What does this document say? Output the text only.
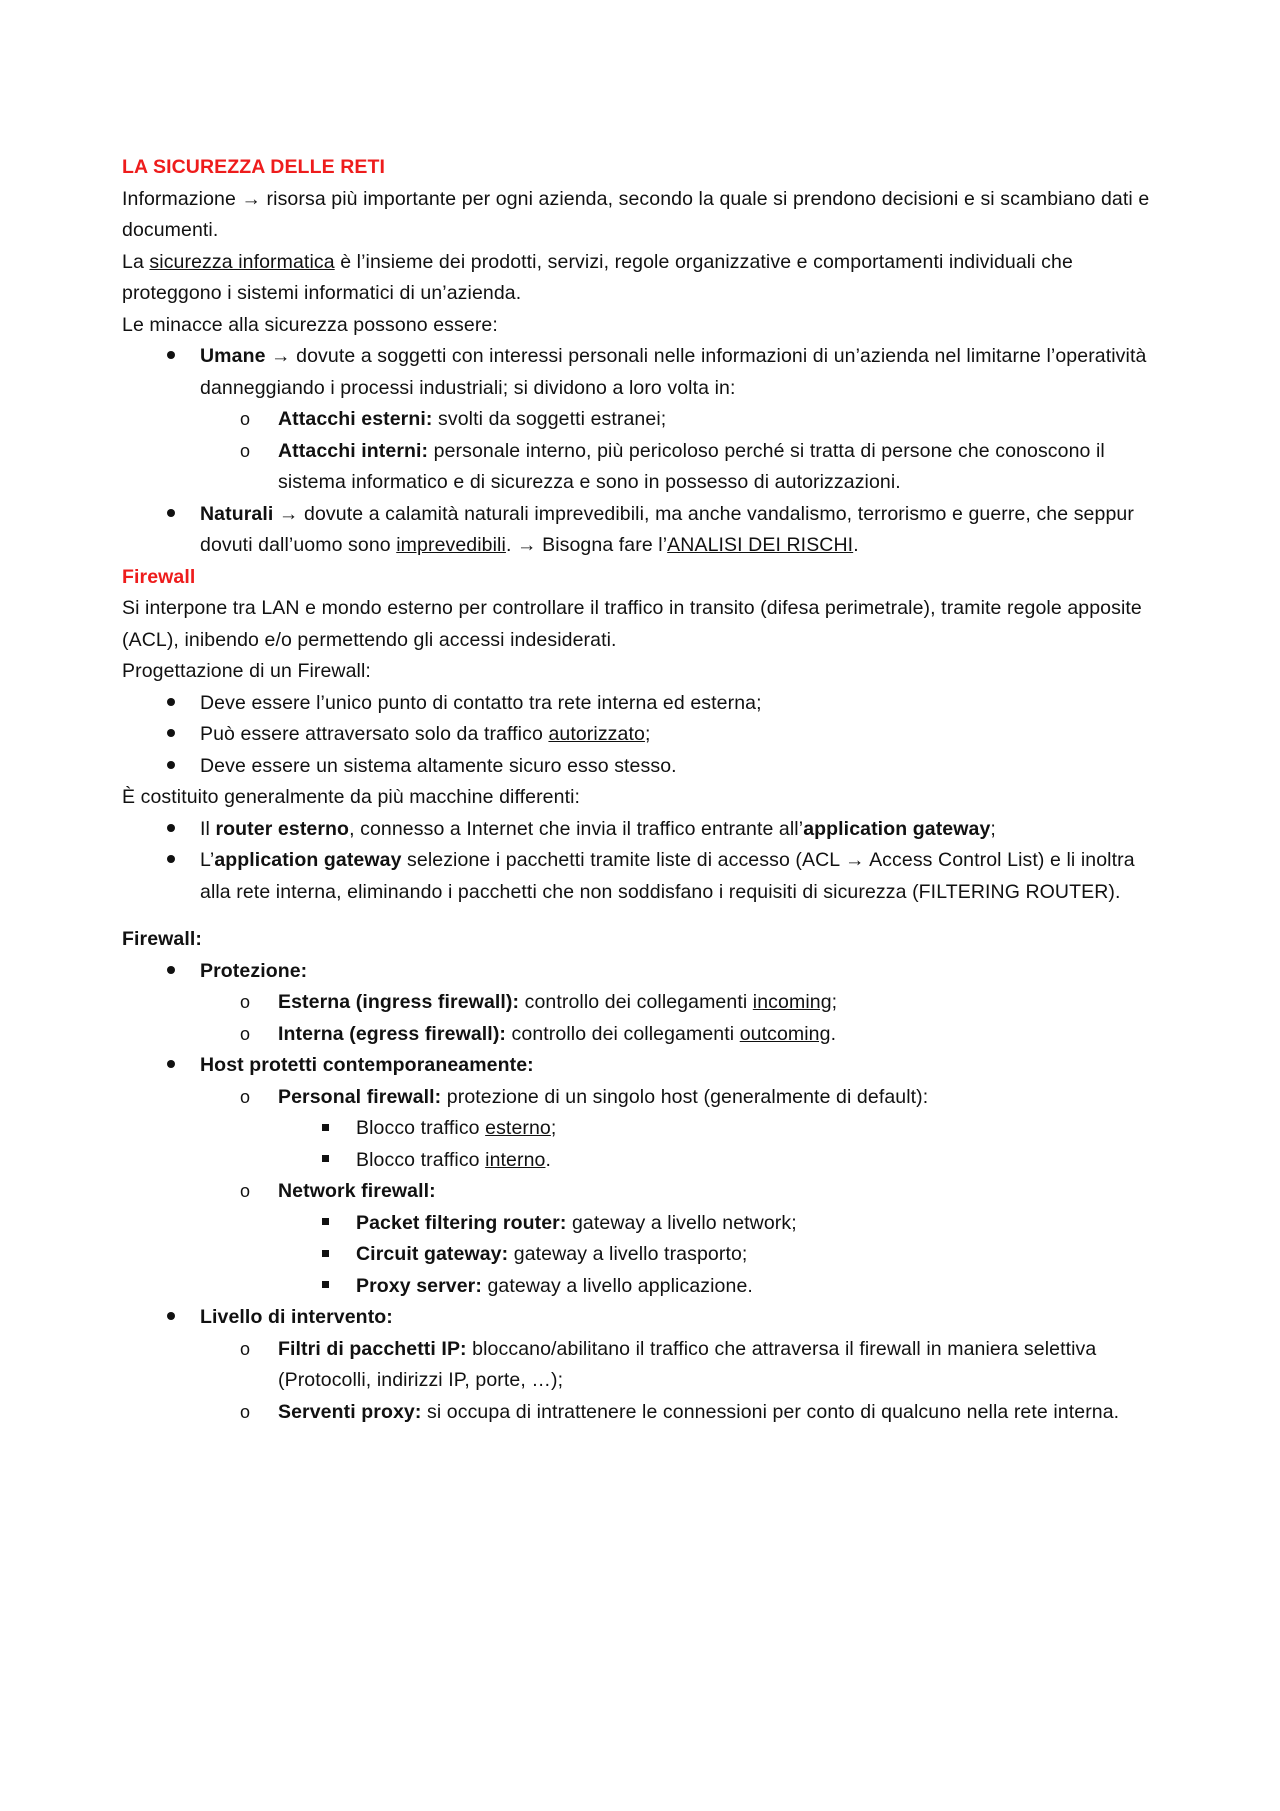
LA SICUREZZA DELLE RETI

Informazione → risorsa più importante per ogni azienda, secondo la quale si prendono decisioni e si scambiano dati e documenti.

La sicurezza informatica è l’insieme dei prodotti, servizi, regole organizzative e comportamenti individuali che proteggono i sistemi informatici di un’azienda.

Le minacce alla sicurezza possono essere:

Umane → dovute a soggetti con interessi personali nelle informazioni di un’azienda nel limitarne l’operatività danneggiando i processi industriali; si dividono a loro volta in:
o Attacchi esterni: svolti da soggetti estranei;
o Attacchi interni: personale interno, più pericoloso perché si tratta di persone che conoscono il sistema informatico e di sicurezza e sono in possesso di autorizzazioni.
Naturali → dovute a calamità naturali imprevedibili, ma anche vandalismo, terrorismo e guerre, che seppur dovuti dall’uomo sono imprevedibili. → Bisogna fare l’ANALISI DEI RISCHI.

Firewall

Si interpone tra LAN e mondo esterno per controllare il traffico in transito (difesa perimetrale), tramite regole apposite (ACL), inibendo e/o permettendo gli accessi indesiderati.

Progettazione di un Firewall:

Deve essere l’unico punto di contatto tra rete interna ed esterna;
Può essere attraversato solo da traffico autorizzato;
Deve essere un sistema altamente sicuro esso stesso.

È costituito generalmente da più macchine differenti:

Il router esterno, connesso a Internet che invia il traffico entrante all’application gateway;
L’application gateway selezione i pacchetti tramite liste di accesso (ACL → Access Control List) e li inoltra alla rete interna, eliminando i pacchetti che non soddisfano i requisiti di sicurezza (FILTERING ROUTER).

Firewall:

Protezione:
o Esterna (ingress firewall): controllo dei collegamenti incoming;
o Interna (egress firewall): controllo dei collegamenti outcoming.
Host protetti contemporaneamente:
o Personal firewall: protezione di un singolo host (generalmente di default):
Blocco traffico esterno;
Blocco traffico interno.
o Network firewall:
Packet filtering router: gateway a livello network;
Circuit gateway: gateway a livello trasporto;
Proxy server: gateway a livello applicazione.
Livello di intervento:
o Filtri di pacchetti IP: bloccano/abilitano il traffico che attraversa il firewall in maniera selettiva (Protocolli, indirizzi IP, porte, …);
o Serventi proxy: si occupa di intrattenere le connessioni per conto di qualcuno nella rete interna.
